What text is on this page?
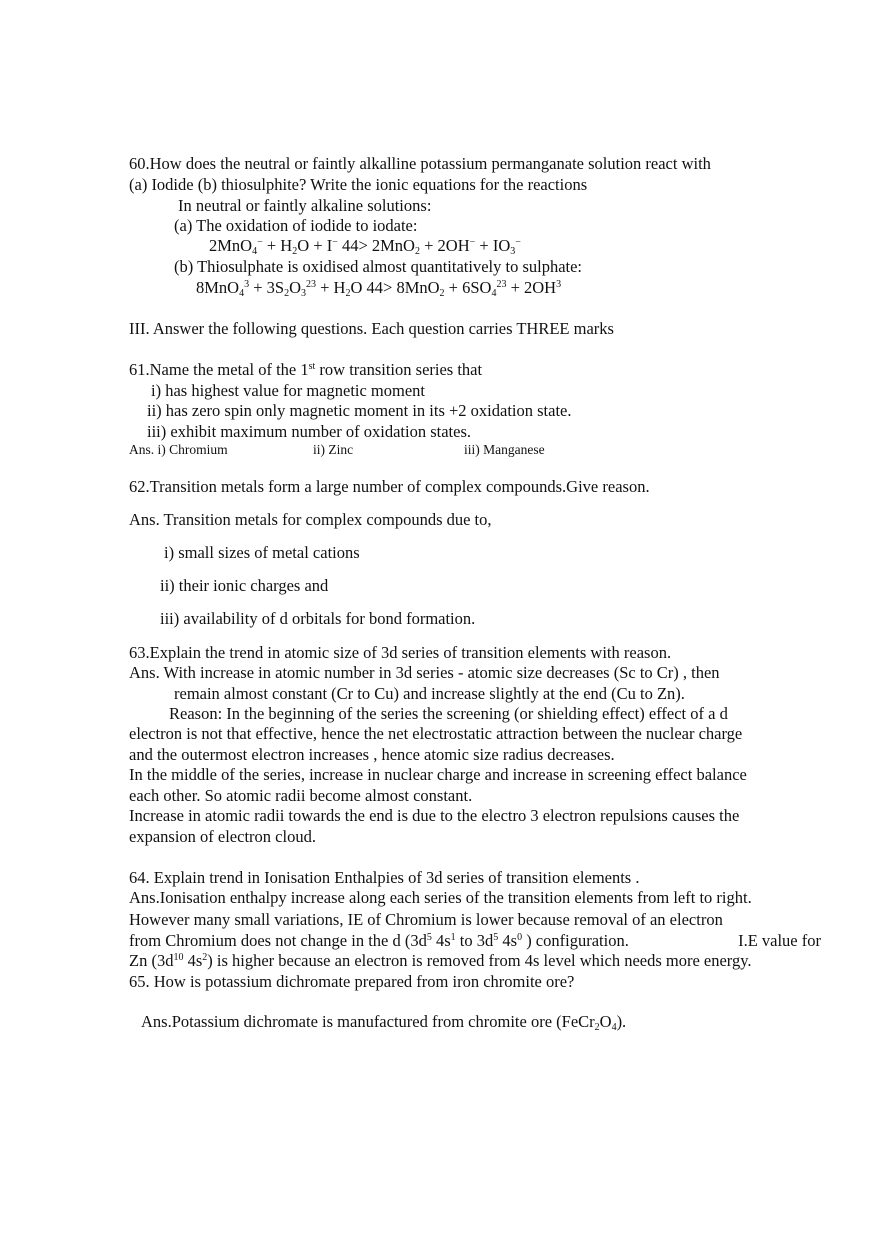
60.How does the neutral or faintly alkalline potassium permanganate solution react with
(a) Iodide (b) thiosulphite? Write the ionic equations for the reactions
In neutral or faintly alkaline solutions:
(a) The oxidation of iodide to iodate:
$2MnO_4^- + H_2O + I^-$ $44> 2MnO_2 + 2OH^- + IO_3^-$
(b) Thiosulphate is oxidised almost quantitatively to sulphate:
$8MnO_4^3 + 3S_2O_3^{23} + H_2O$ $44> 8MnO_2 + 6SO_4^{23} + 2OH^3$
III. Answer the following questions. Each question carries THREE marks
61.Name the metal of the 1st row transition series that
i) has highest value for magnetic moment
ii) has zero spin only magnetic moment in its +2 oxidation state.
iii) exhibit maximum number of oxidation states.
Ans. i) Chromium	ii) Zinc	iii) Manganese
62.Transition metals form a large number of complex compounds.Give reason.
Ans. Transition metals for complex compounds due to,
i) small sizes of metal cations
ii) their ionic charges and
iii) availability of d orbitals for bond formation.
63.Explain the trend in atomic size of 3d series of transition elements with reason.
Ans. With increase in atomic number in 3d series - atomic size decreases (Sc to Cr) , then
remain almost constant (Cr to Cu) and increase slightly at the end (Cu to Zn).
Reason: In the beginning of the series the screening (or shielding effect) effect of a d
electron is not that effective, hence the net electrostatic attraction between the nuclear charge
and the outermost electron increases , hence atomic size radius decreases.
In the middle of the series, increase in nuclear charge and increase in screening effect balance
each other. So atomic radii become almost constant.
Increase in atomic radii towards the end is due to the electro 3 electron repulsions causes the
expansion of electron cloud.
64. Explain trend in Ionisation Enthalpies of 3d series of transition elements .
Ans.Ionisation enthalpy increase along each series of the transition elements from left to right.
However many small variations, IE of Chromium is lower because removal of an electron
from Chromium does not change in the d ($3d^5$ $4s^1$ to $3d^5$ $4s^0$ ) configuration.	I.E value for
Zn ($3d^{10}$ $4s^2$) is higher because an electron is removed from 4s level which needs more energy.
65. How is potassium dichromate prepared from iron chromite ore?
Ans.Potassium dichromate is manufactured from chromite ore $(FeCr_2O_4)$.
